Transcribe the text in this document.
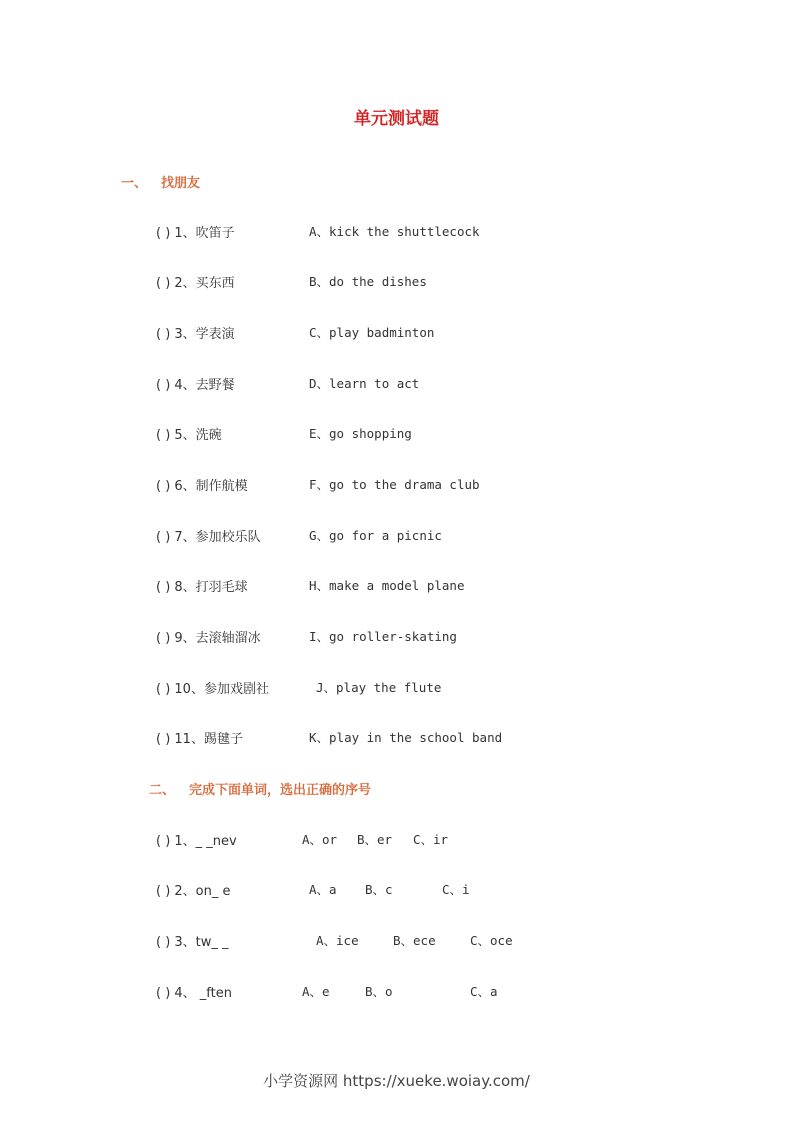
单元测试题
一、 找朋友
( ) 1、吹笛子	A、kick the shuttlecock
( ) 2、买东西	B、do the dishes
( ) 3、学表演	C、play badminton
( ) 4、去野餐	D、learn to act
( ) 5、洗碗	E、go shopping
( ) 6、制作航模	F、go to the drama club
( ) 7、参加校乐队	G、go for a picnic
( ) 8、打羽毛球	H、make a model plane
( ) 9、去滚轴溜冰	I、go roller-skating
( ) 10、参加戏剧社	J、play the flute
( ) 11、踢毽子	K、play in the school band
二、 完成下面单词，选出正确的序号
( ) 1、_ _nev	A、or B、er C、ir
( ) 2、on_ e	A、a B、c	C、i
( ) 3、tw_ _	A、ice	B、ece	C、oce
( ) 4、 _ften	A、e	B、o	C、a
小学资源网 https://xueke.woiay.com/
